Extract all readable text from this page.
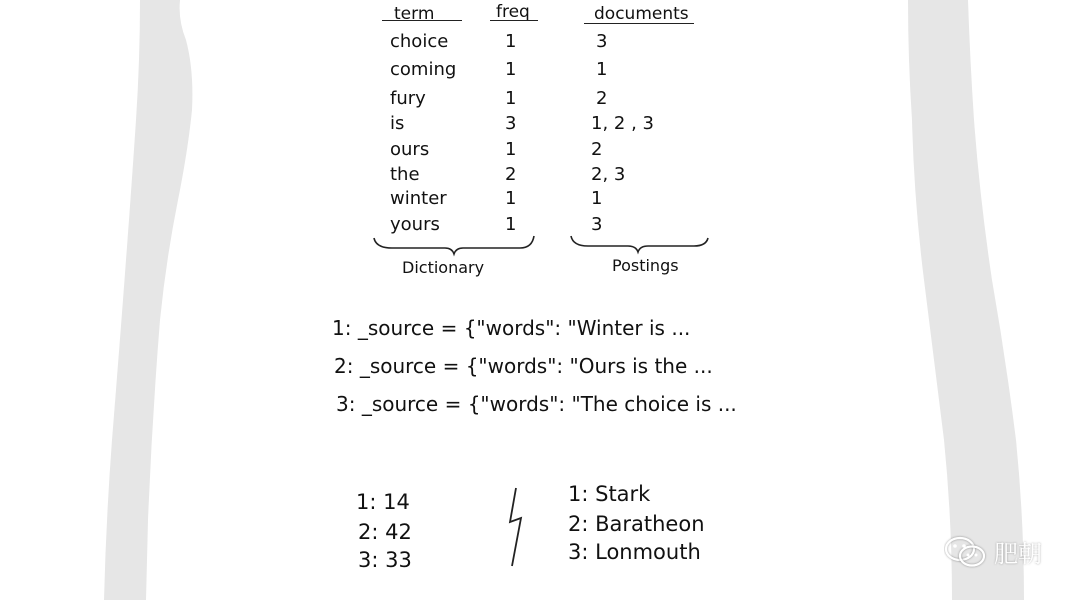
term	freq	documents
choice	1	3
coming	1	1
fury	1	2
is	3	1, 2 , 3
ours	1	2
the	2	2, 3
winter	1	1
yours	1	3
Dictionary	Postings
1: _source = {"words": "Winter is ...
2: _source = {"words": "Ours is the ...
3: _source = {"words": "The choice is ...
1: 14
2: 42
3: 33
1: Stark
2: Baratheon
3: Lonmouth	肥朝
